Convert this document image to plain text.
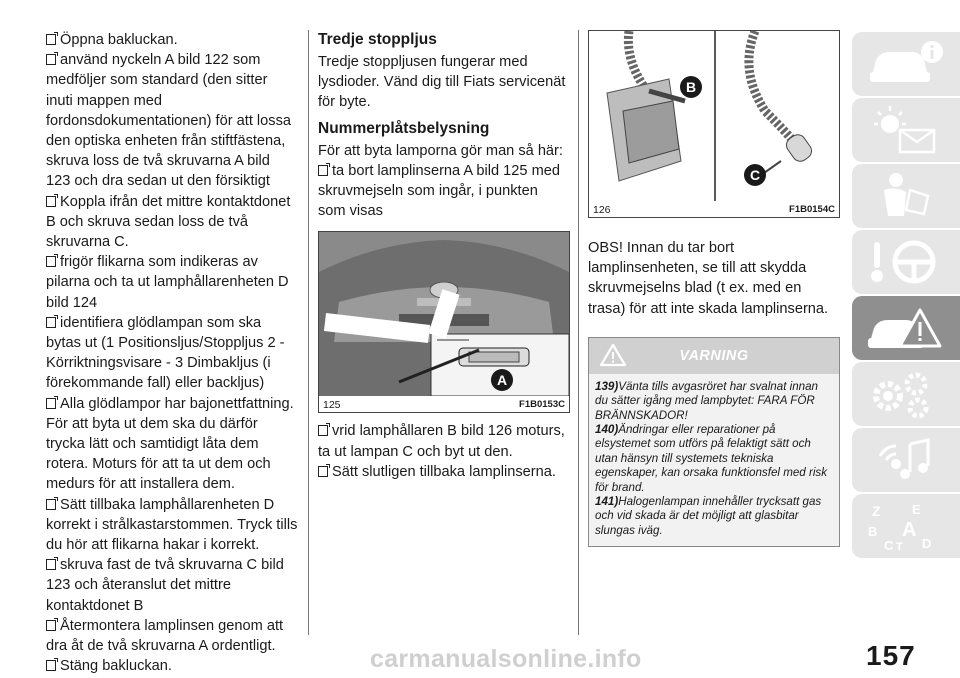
Öppna bakluckan.
använd nyckeln A bild 122 som medföljer som standard (den sitter inuti mappen med fordonsdokumentationen) för att lossa den optiska enheten från stiftfästena, skruva loss de två skruvarna A bild 123 och dra sedan ut den försiktigt
Koppla ifrån det mittre kontaktdonet B och skruva sedan loss de två skruvarna C.
frigör flikarna som indikeras av pilarna och ta ut lamphållarenheten D bild 124
identifiera glödlampan som ska bytas ut (1 Positionsljus/Stoppljus 2 - Körriktningsvisare - 3 Dimbakljus (i förekommande fall) eller backljus)
Alla glödlampor har bajonettfattning. För att byta ut dem ska du därför trycka lätt och samtidigt låta dem rotera. Moturs för att ta ut dem och medurs för att installera dem.
Sätt tillbaka lamphållarenheten D korrekt i strålkastarstommen. Tryck tills du hör att flikarna hakar i korrekt.
skruva fast de två skruvarna C bild 123 och återanslut det mittre kontaktdonet B
Återmontera lamplinsen genom att dra åt de två skruvarna A ordentligt.
Stäng bakluckan.
Tredje stoppljus
Tredje stoppljusen fungerar med lysdioder. Vänd dig till Fiats servicenät för byte.
Nummerplåtsbelysning
För att byta lamporna gör man så här:
ta bort lamplinserna A bild 125 med skruvmejseln som ingår, i punkten som visas
A
125	F1B0153C
vrid lamphållaren B bild 126 moturs, ta ut lampan C och byt ut den.
Sätt slutligen tillbaka lamplinserna.
B
C
126	F1B0154C
OBS! Innan du tar bort lamplinsenheten, se till att skydda skruvmejselns blad (t ex. med en trasa) för att inte skada lamplinserna.
VARNING

139)Vänta tills avgasröret har svalnat innan du sätter igång med lampbytet: FARA FÖR BRÄNNSKADOR!

140)Ändringar eller reparationer på elsystemet som utförs på felaktigt sätt och utan hänsyn till systemets tekniska egenskaper, kan orsaka funktionsfel med risk för brand.

141)Halogenlampan innehåller trycksatt gas och vid skada är det möjligt att glasbitar slungas iväg.

Z E
B A
C T D
carmanualsonline.info	157
